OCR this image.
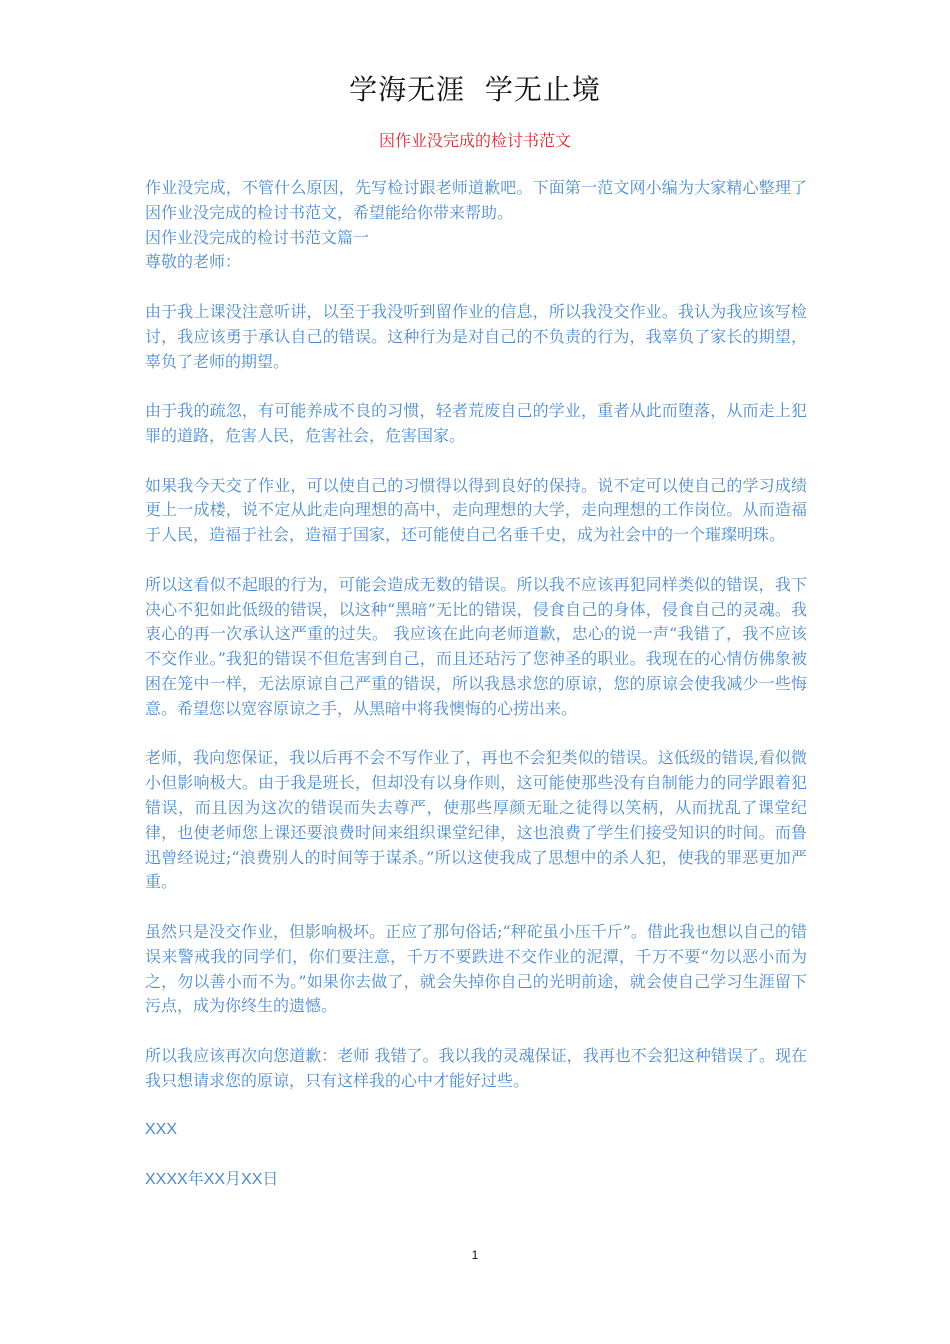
学海无涯  学无止境
因作业没完成的检讨书范文

作业没完成，不管什么原因，先写检讨跟老师道歉吧。下面第一范文网小编为大家精心整理了因作业没完成的检讨书范文，希望能给你带来帮助。

因作业没完成的检讨书范文篇一

尊敬的老师：

由于我上课没注意听讲，以至于我没听到留作业的信息，所以我没交作业。我认为我应该写检讨，我应该勇于承认自己的错误。这种行为是对自己的不负责的行为，我辜负了家长的期望，辜负了老师的期望。

由于我的疏忽，有可能养成不良的习惯，轻者荒废自己的学业，重者从此而堕落，从而走上犯罪的道路，危害人民，危害社会，危害国家。

如果我今天交了作业，可以使自己的习惯得以得到良好的保持。说不定可以使自己的学习成绩更上一成楼，说不定从此走向理想的高中，走向理想的大学，走向理想的工作岗位。从而造福于人民，造福于社会，造福于国家，还可能使自己名垂千史，成为社会中的一个璀璨明珠。

所以这看似不起眼的行为，可能会造成无数的错误。所以我不应该再犯同样类似的错误，我下决心不犯如此低级的错误，以这种“黑暗”无比的错误，侵食自己的身体，侵食自己的灵魂。我衷心的再一次承认这严重的过失。 我应该在此向老师道歉，忠心的说一声“我错了，我不应该不交作业。”我犯的错误不但危害到自己，而且还玷污了您神圣的职业。我现在的心情仿佛象被困在笼中一样，无法原谅自己严重的错误，所以我恳求您的原谅，您的原谅会使我减少一些悔意。希望您以宽容原谅之手，从黑暗中将我懊悔的心捞出来。

老师，我向您保证，我以后再不会不写作业了，再也不会犯类似的错误。这低级的错误,看似微小但影响极大。由于我是班长，但却没有以身作则，这可能使那些没有自制能力的同学跟着犯错误，而且因为这次的错误而失去尊严，使那些厚颜无耻之徒得以笑柄，从而扰乱了课堂纪律，也使老师您上课还要浪费时间来组织课堂纪律，这也浪费了学生们接受知识的时间。而鲁迅曾经说过;“浪费别人的时间等于谋杀。”所以这使我成了思想中的杀人犯，使我的罪恶更加严重。

虽然只是没交作业，但影响极坏。正应了那句俗话;“秤砣虽小压千斤”。借此我也想以自己的错误来警戒我的同学们，你们要注意，千万不要跌进不交作业的泥潭，千万不要“勿以恶小而为之，勿以善小而不为。”如果你去做了，就会失掉你自己的光明前途，就会使自己学习生涯留下污点，成为你终生的遗憾。

所以我应该再次向您道歉：老师 我错了。我以我的灵魂保证，我再也不会犯这种错误了。现在我只想请求您的原谅，只有这样我的心中才能好过些。

XXX

XXXX年XX月XX日

1
